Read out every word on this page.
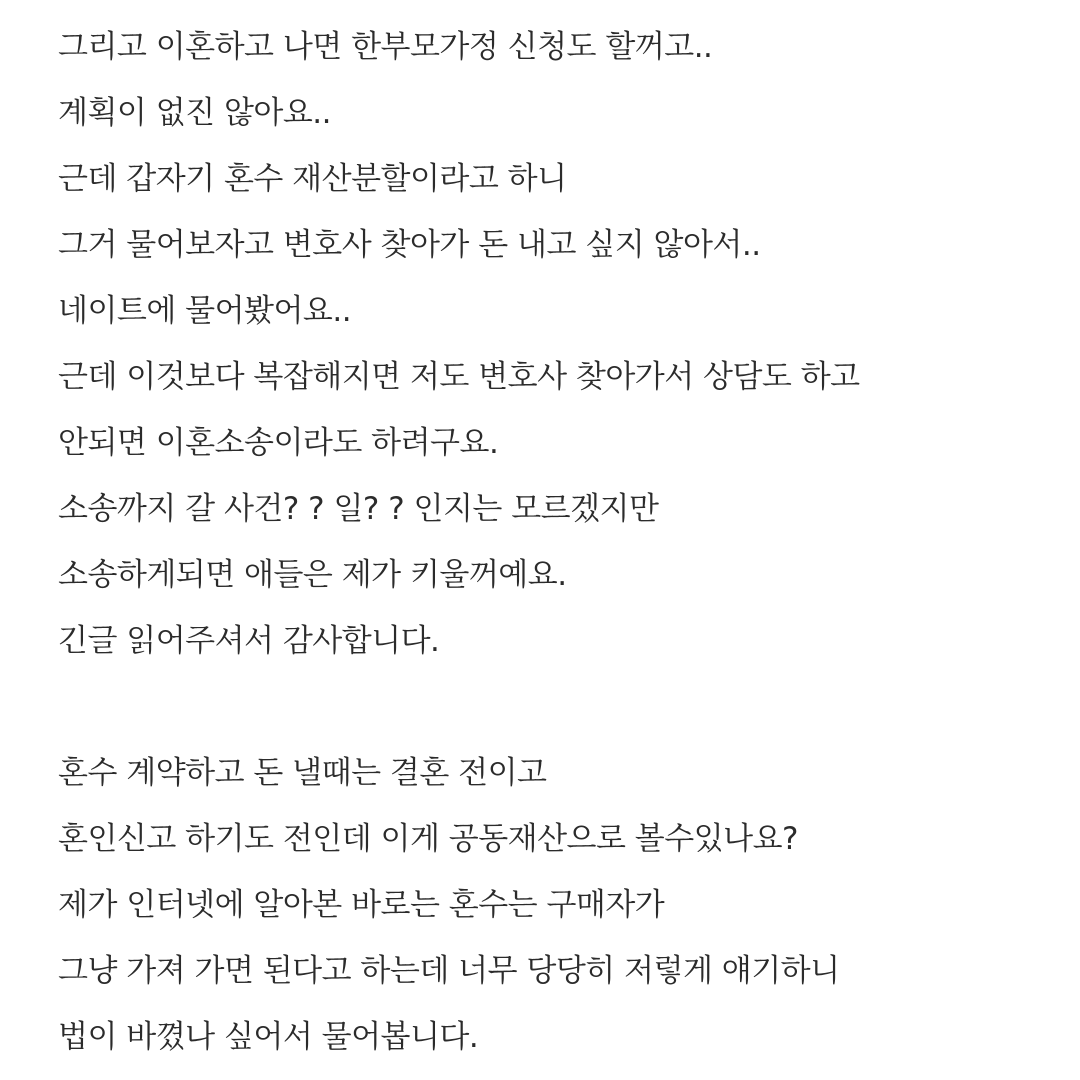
그리고 이혼하고 나면 한부모가정 신청도 할꺼고..
계획이 없진 않아요..
근데 갑자기 혼수 재산분할이라고 하니
그거 물어보자고 변호사 찾아가 돈 내고 싶지 않아서..
네이트에 물어봤어요..
근데 이것보다 복잡해지면 저도 변호사 찾아가서 상담도 하고
안되면 이혼소송이라도 하려구요.
소송까지 갈 사건? ? 일? ? 인지는 모르겠지만
소송하게되면 애들은 제가 키울꺼예요.
긴글 읽어주셔서 감사합니다.
혼수 계약하고 돈 낼때는 결혼 전이고
혼인신고 하기도 전인데 이게 공동재산으로 볼수있나요?
제가 인터넷에 알아본 바로는 혼수는 구매자가
그냥 가져 가면 된다고 하는데 너무 당당히 저렇게 얘기하니
법이 바꼈나 싶어서 물어봅니다.
